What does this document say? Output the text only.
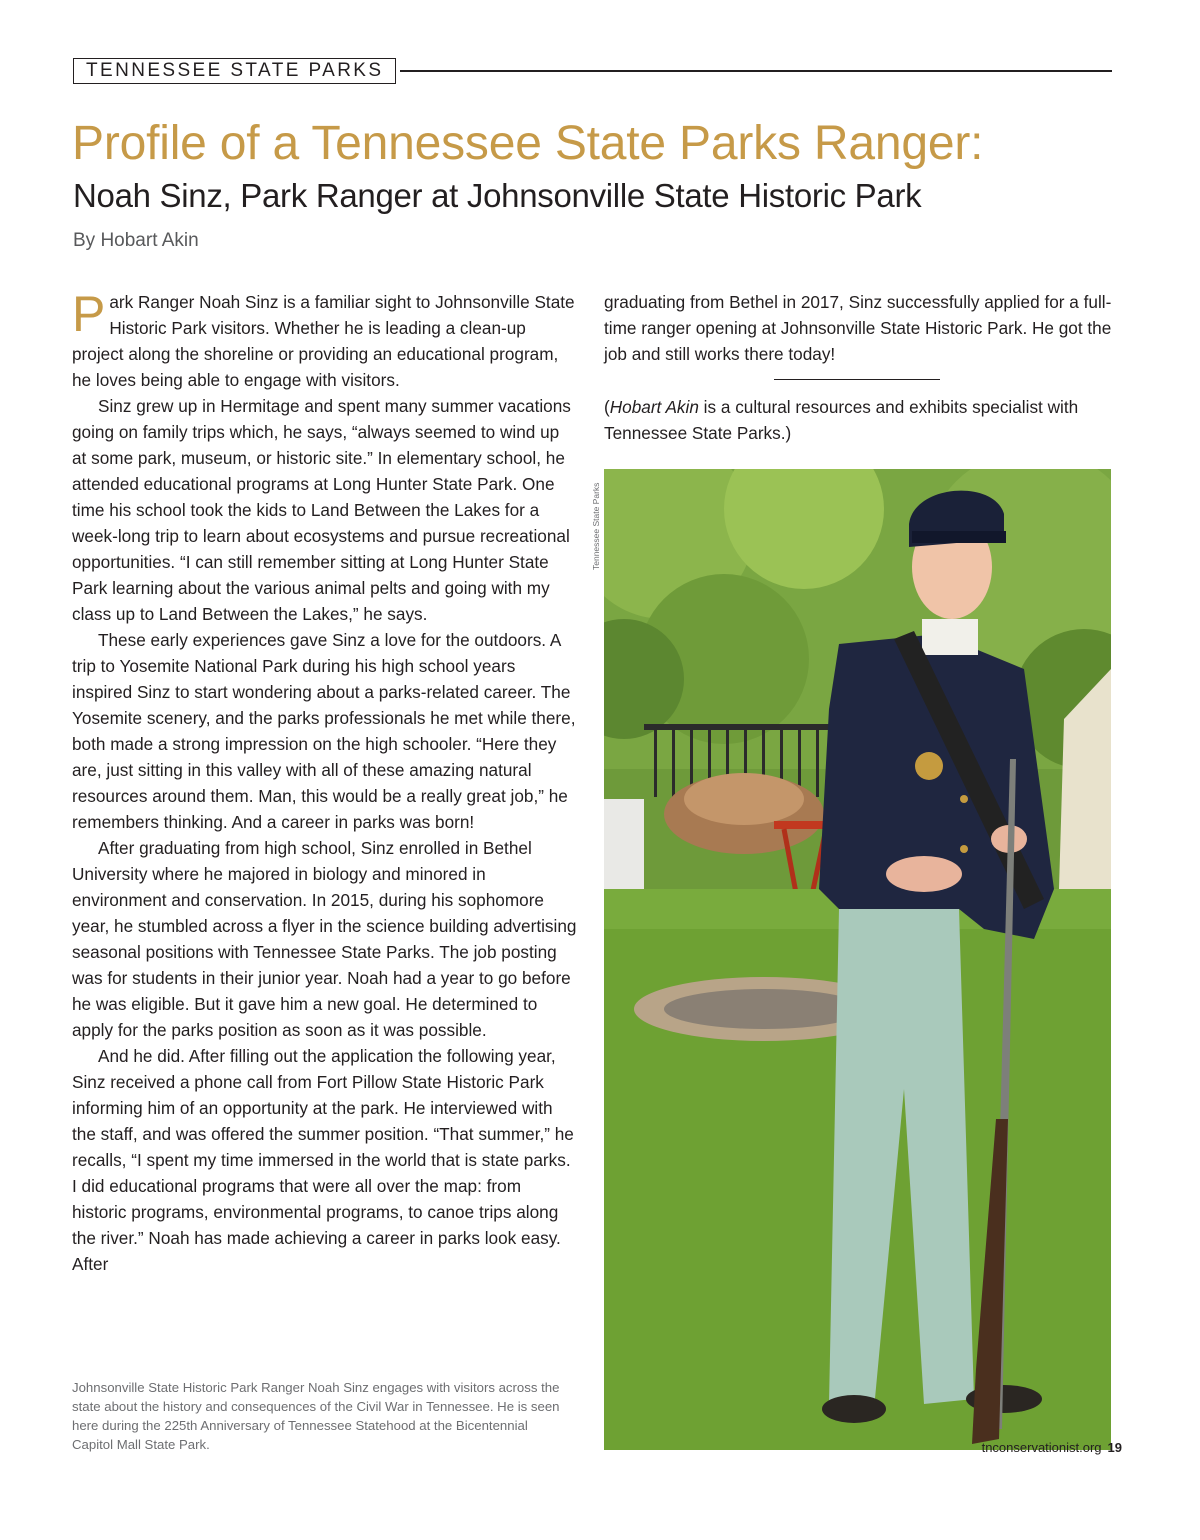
TENNESSEE STATE PARKS
Profile of a Tennessee State Parks Ranger:
Noah Sinz, Park Ranger at Johnsonville State Historic Park
By Hobart Akin

Park Ranger Noah Sinz is a familiar sight to Johnsonville State Historic Park visitors. Whether he is leading a clean-up project along the shoreline or providing an educational program, he loves being able to engage with visitors.

Sinz grew up in Hermitage and spent many summer vacations going on family trips which, he says, “always seemed to wind up at some park, museum, or historic site.” In elementary school, he attended educational programs at Long Hunter State Park. One time his school took the kids to Land Between the Lakes for a week-long trip to learn about ecosystems and pursue recreational opportunities. “I can still remember sitting at Long Hunter State Park learning about the various animal pelts and going with my class up to Land Between the Lakes,” he says.

These early experiences gave Sinz a love for the outdoors. A trip to Yosemite National Park during his high school years inspired Sinz to start wondering about a parks-related career. The Yosemite scenery, and the parks professionals he met while there, both made a strong impression on the high schooler. “Here they are, just sitting in this valley with all of these amazing natural resources around them. Man, this would be a really great job,” he remembers thinking. And a career in parks was born!

After graduating from high school, Sinz enrolled in Bethel University where he majored in biology and minored in environment and conservation. In 2015, during his sophomore year, he stumbled across a flyer in the science building advertising seasonal positions with Tennessee State Parks. The job posting was for students in their junior year. Noah had a year to go before he was eligible. But it gave him a new goal. He determined to apply for the parks position as soon as it was possible.

And he did. After filling out the application the following year, Sinz received a phone call from Fort Pillow State Historic Park informing him of an opportunity at the park. He interviewed with the staff, and was offered the summer position. “That summer,” he recalls, “I spent my time immersed in the world that is state parks. I did educational programs that were all over the map: from historic programs, environmental programs, to canoe trips along the river.” Noah has made achieving a career in parks look easy. After

graduating from Bethel in 2017, Sinz successfully applied for a full-time ranger opening at Johnsonville State Historic Park. He got the job and still works there today!

(Hobart Akin is a cultural resources and exhibits specialist with Tennessee State Parks.)

Tennessee State Parks
Johnsonville State Historic Park Ranger Noah Sinz engages with visitors across the state about the history and consequences of the Civil War in Tennessee. He is seen here during the 225th Anniversary of Tennessee Statehood at the Bicentennial Capitol Mall State Park.	tnconservationist.org 19
